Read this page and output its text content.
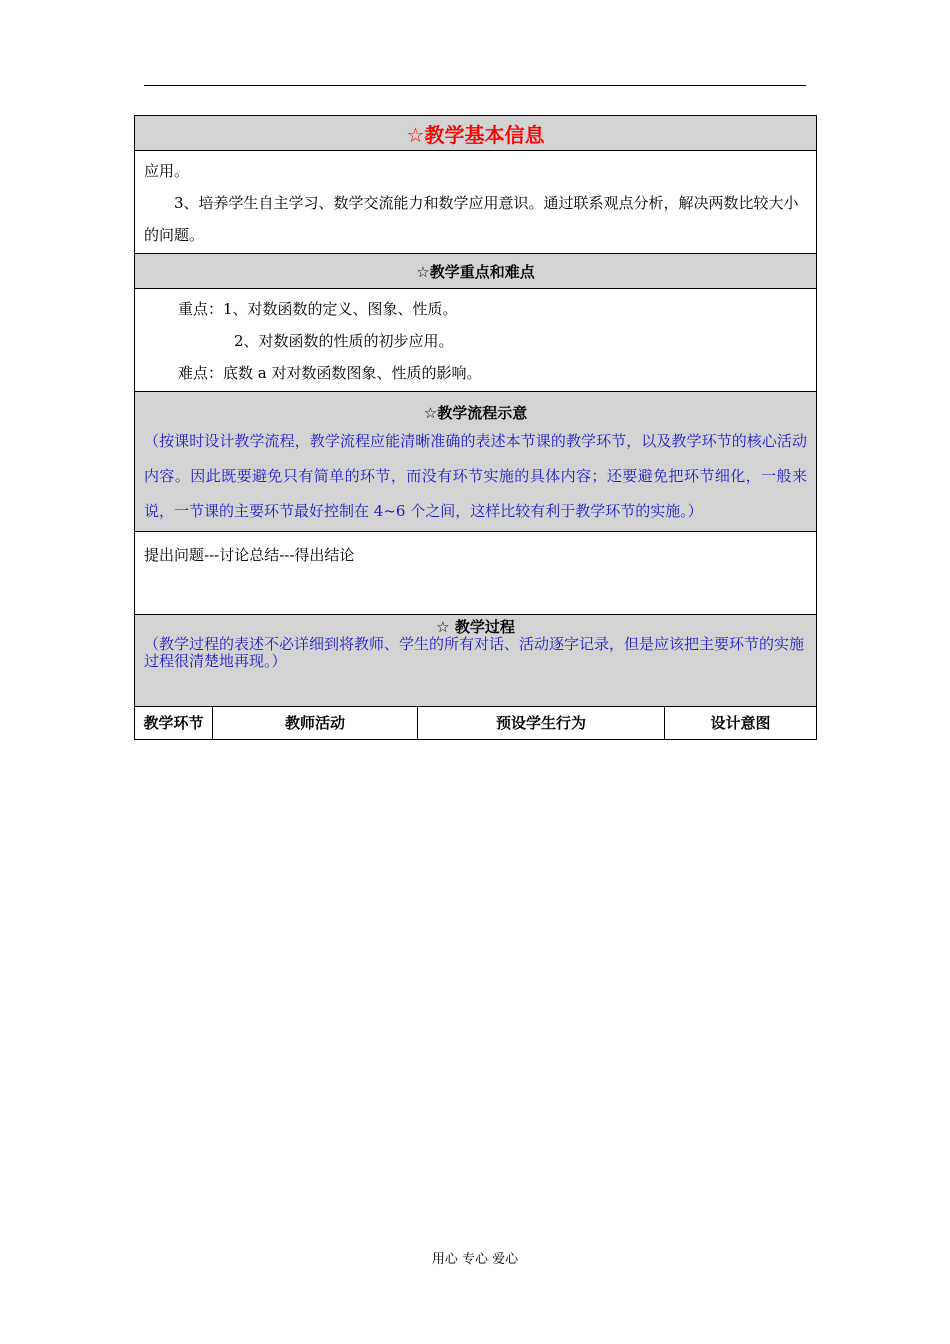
☆教学基本信息

应用。

3、培养学生自主学习、数学交流能力和数学应用意识。通过联系观点分析，解决两数比较大小的问题。

☆教学重点和难点

重点：1、对数函数的定义、图象、性质。

2、对数函数的性质的初步应用。

难点：底数 a 对对数函数图象、性质的影响。

☆教学流程示意
（按课时设计教学流程，教学流程应能清晰准确的表述本节课的教学环节，以及教学环节的核心活动内容。因此既要避免只有简单的环节，而没有环节实施的具体内容；还要避免把环节细化，一般来说，一节课的主要环节最好控制在 4~6 个之间，这样比较有利于教学环节的实施。）

提出问题---讨论总结---得出结论

☆ 教学过程
（教学过程的表述不必详细到将教师、学生的所有对话、活动逐字记录，但是应该把主要环节的实施过程很清楚地再现。）

教学环节	教师活动	预设学生行为	设计意图
用心 专心 爱心
